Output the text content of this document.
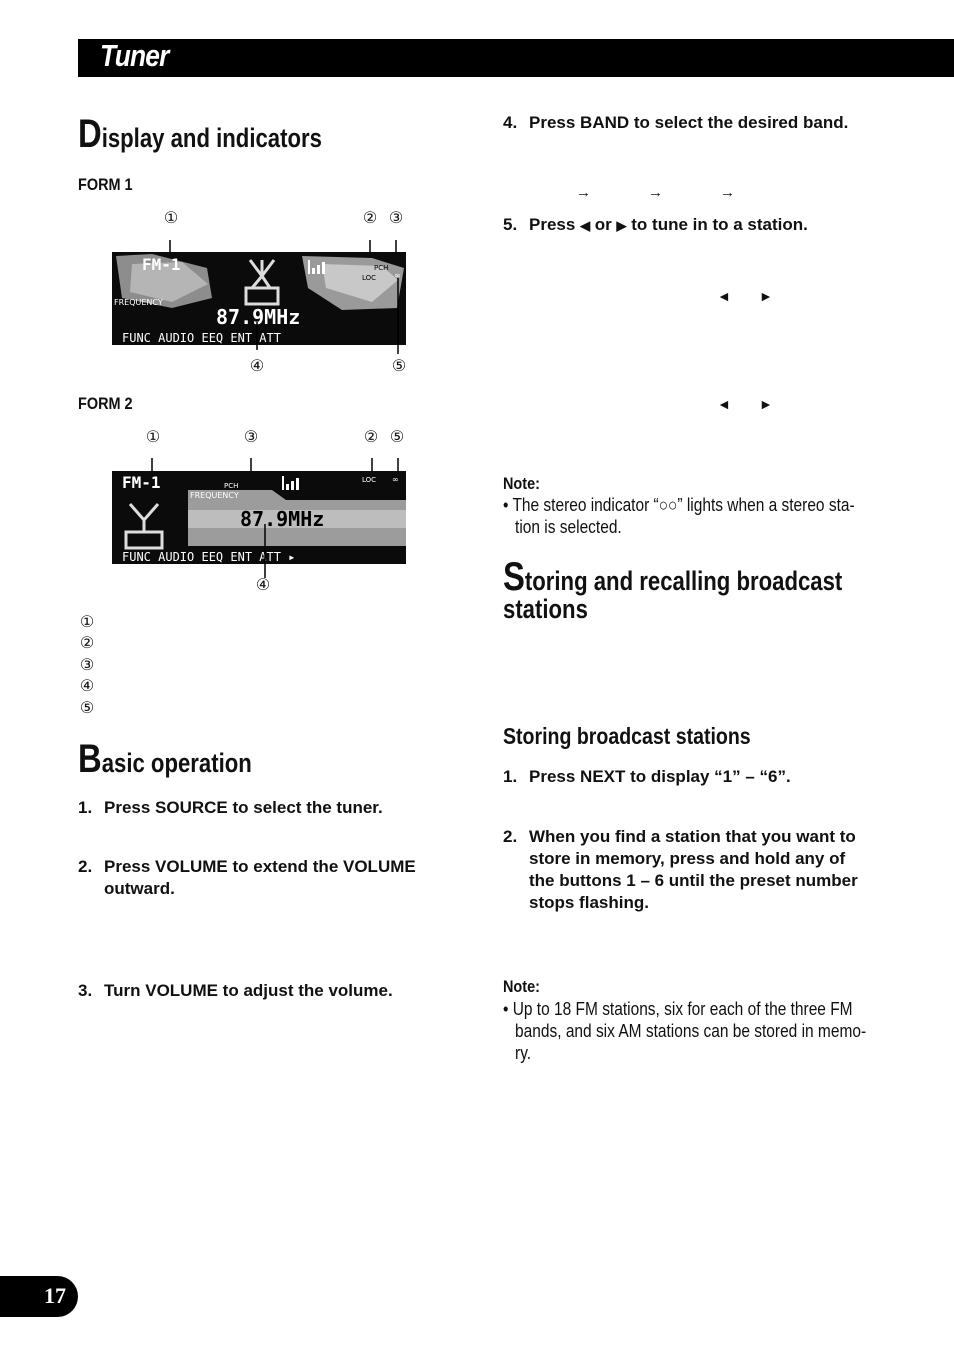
Tuner
Display and indicators
FORM 1
①	② ③
FM-1
FREQUENCY
87.9MHz
PCH
LOC ∞
FUNC AUDIO EEQ ENT ATT
④	⑤
FORM 2
①	③	② ⑤
FM-1	PCH
FREQUENCY
87.9MHz
LOC ∞
FUNC AUDIO EEQ ENT ATT ▸
④
①
②
③
④
⑤
Basic operation
1. Press SOURCE to select the tuner.
2. Press VOLUME to extend the VOLUME
outward.
3. Turn VOLUME to adjust the volume.
4. Press BAND to select the desired band.
→	→	→
5. Press ◀ or ▶ to tune in to a station.
◄ ►
◄ ►
Note:
• The stereo indicator “○○” lights when a stereo sta-
tion is selected.
Storing and recalling broadcast
stations
Storing broadcast stations
1. Press NEXT to display “1” – “6”.
2. When you find a station that you want to
store in memory, press and hold any of
the buttons 1 – 6 until the preset number
stops flashing.
Note:
• Up to 18 FM stations, six for each of the three FM
bands, and six AM stations can be stored in memo-
ry.
17
